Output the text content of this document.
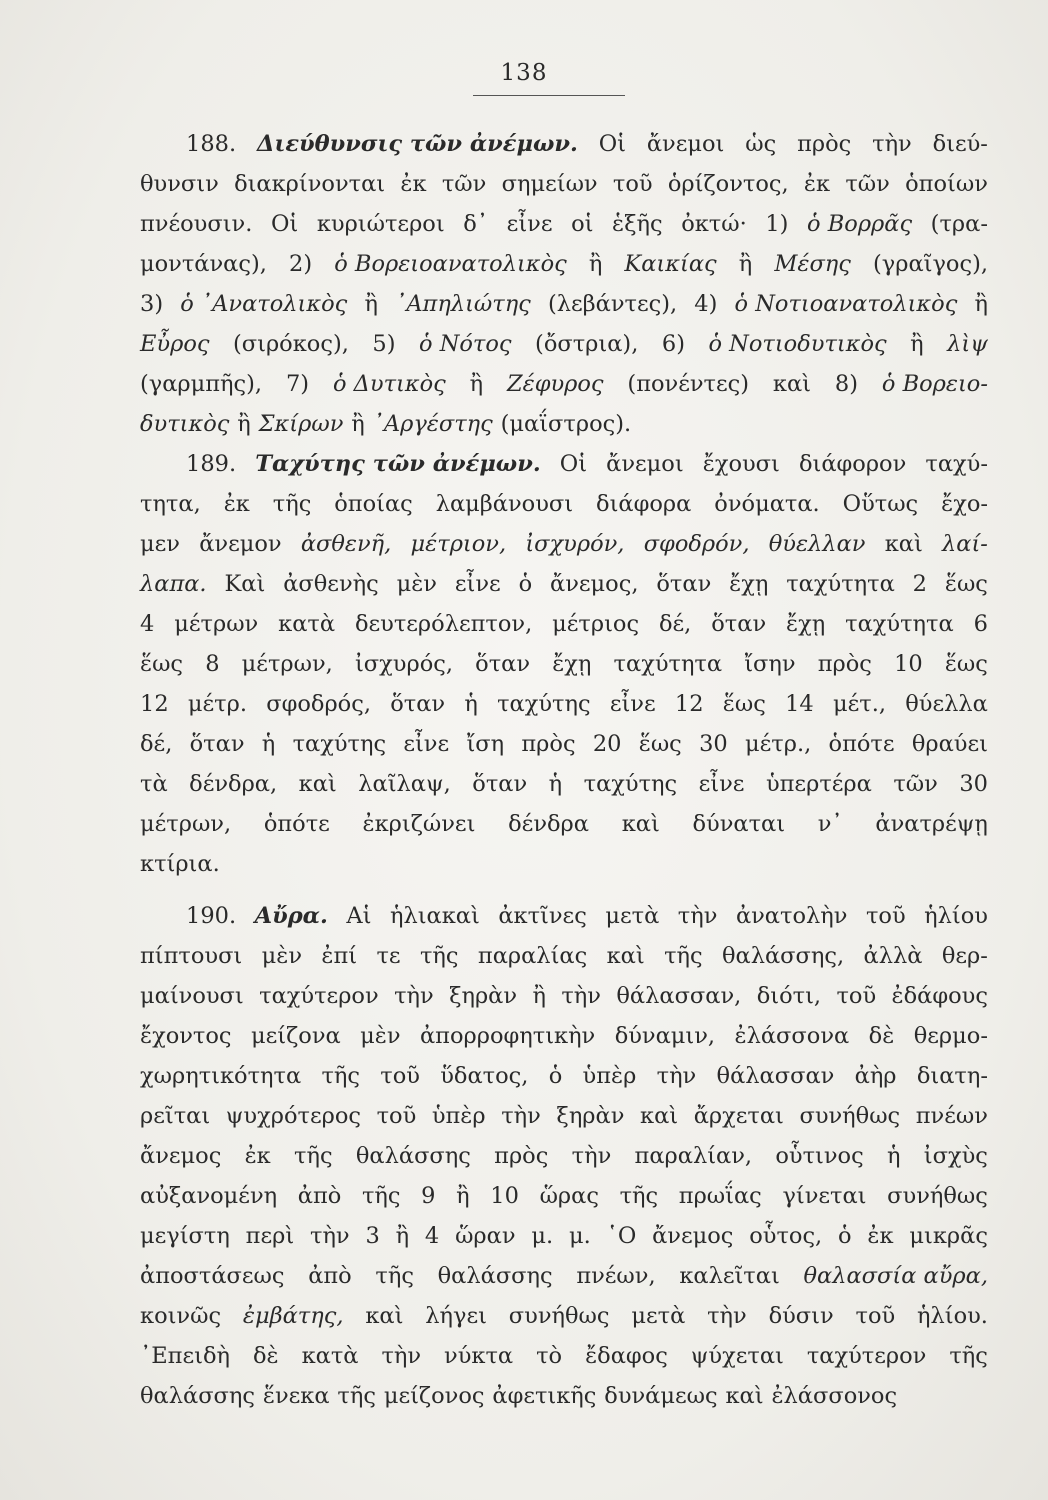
138
188. Διεύθυνσις τῶν ἀνέμων. Οἱ ἄνεμοι ὡς πρὸς τὴν διεύ-
θυνσιν διακρίνονται ἐκ τῶν σημείων τοῦ ὁρίζοντος, ἐκ τῶν ὁποίων
πνέουσιν. Οἱ κυριώτεροι δ᾽ εἶνε οἱ ἑξῆς ὀκτώ· 1) ὁ Βορρᾶς (τρα-
μοντάνας), 2) ὁ Βορειοανατολικὸς ἢ Καικίας ἢ Μέσης (γραῖγος),
3) ὁ ᾿Ανατολικὸς ἢ ᾿Απηλιώτης (λεβάντες), 4) ὁ Νοτιοανατολικὸς ἢ
Εὖρος (σιρόκος), 5) ὁ Νότος (ὄστρια), 6) ὁ Νοτιοδυτικὸς ἢ λὶψ
(γαρμπῆς), 7) ὁ Δυτικὸς ἢ Ζέφυρος (πονέντες) καὶ 8) ὁ Βορειο-
δυτικὸς ἢ Σκίρων ἢ ᾿Αργέστης (μαΐστρος).
189. Ταχύτης τῶν ἀνέμων. Οἱ ἄνεμοι ἔχουσι διάφορον ταχύ-
τητα, ἐκ τῆς ὁποίας λαμβάνουσι διάφορα ὀνόματα. Οὕτως ἔχο-
μεν ἄνεμον ἀσθενῆ, μέτριον, ἰσχυρόν, σφοδρόν, θύελλαν καὶ λαί-
λαπα. Καὶ ἀσθενὴς μὲν εἶνε ὁ ἄνεμος, ὅταν ἔχῃ ταχύτητα 2 ἕως
4 μέτρων κατὰ δευτερόλεπτον, μέτριος δέ, ὅταν ἔχῃ ταχύτητα 6
ἕως 8 μέτρων, ἰσχυρός, ὅταν ἔχῃ ταχύτητα ἴσην πρὸς 10 ἕως
12 μέτρ. σφοδρός, ὅταν ἡ ταχύτης εἶνε 12 ἕως 14 μέτ., θύελλα
δέ, ὅταν ἡ ταχύτης εἶνε ἴση πρὸς 20 ἕως 30 μέτρ., ὁπότε θραύει
τὰ δένδρα, καὶ λαῖλαψ, ὅταν ἡ ταχύτης εἶνε ὑπερτέρα τῶν 30
μέτρων, ὁπότε ἐκριζώνει δένδρα καὶ δύναται ν᾽ ἀνατρέψῃ
κτίρια.
190. Αὔρα. Αἱ ἡλιακαὶ ἀκτῖνες μετὰ τὴν ἀνατολὴν τοῦ ἡλίου
πίπτουσι μὲν ἐπί τε τῆς παραλίας καὶ τῆς θαλάσσης, ἀλλὰ θερ-
μαίνουσι ταχύτερον τὴν ξηρὰν ἢ τὴν θάλασσαν, διότι, τοῦ ἐδάφους
ἔχοντος μείζονα μὲν ἀπορροφητικὴν δύναμιν, ἐλάσσονα δὲ θερμο-
χωρητικότητα τῆς τοῦ ὕδατος, ὁ ὑπὲρ τὴν θάλασσαν ἀὴρ διατη-
ρεῖται ψυχρότερος τοῦ ὑπὲρ τὴν ξηρὰν καὶ ἄρχεται συνήθως πνέων
ἄνεμος ἐκ τῆς θαλάσσης πρὸς τὴν παραλίαν, οὗτινος ἡ ἰσχὺς
αὐξανομένη ἀπὸ τῆς 9 ἢ 10 ὥρας τῆς πρωΐας γίνεται συνήθως
μεγίστη περὶ τὴν 3 ἢ 4 ὥραν μ. μ. ῾Ο ἄνεμος οὗτος, ὁ ἐκ μικρᾶς
ἀποστάσεως ἀπὸ τῆς θαλάσσης πνέων, καλεῖται θαλασσία αὔρα,
κοινῶς ἐμβάτης, καὶ λήγει συνήθως μετὰ τὴν δύσιν τοῦ ἡλίου.
᾿Επειδὴ δὲ κατὰ τὴν νύκτα τὸ ἔδαφος ψύχεται ταχύτερον τῆς
θαλάσσης ἕνεκα τῆς μείζονος ἀφετικῆς δυνάμεως καὶ ἐλάσσονος
